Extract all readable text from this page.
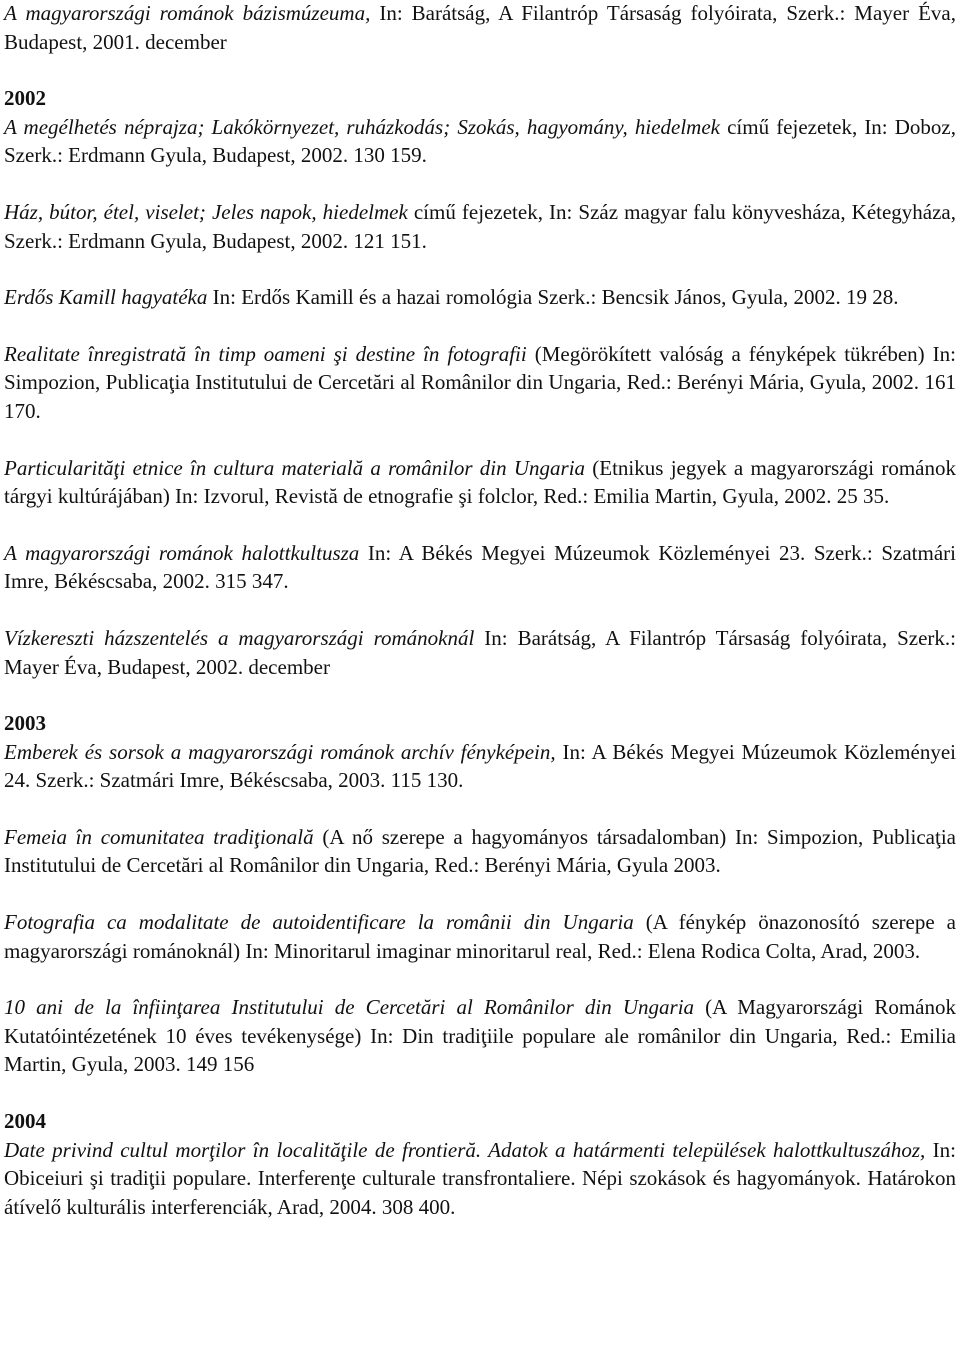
A magyarországi románok bázismúzeuma, In: Barátság, A Filantróp Társaság folyóirata, Szerk.: Mayer Éva, Budapest, 2001. december

2002

A megélhetés néprajza; Lakókörnyezet, ruházkodás; Szokás, hagyomány, hiedelmek című fejezetek, In: Doboz, Szerk.: Erdmann Gyula, Budapest, 2002. 130 159.

Ház, bútor, étel, viselet; Jeles napok, hiedelmek című fejezetek, In: Száz magyar falu könyvesháza, Kétegyháza, Szerk.: Erdmann Gyula, Budapest, 2002. 121 151.

Erdős Kamill hagyatéka In: Erdős Kamill és a hazai romológia Szerk.: Bencsik János, Gyula, 2002. 19 28.

Realitate înregistrată în timp oameni şi destine în fotografii (Megörökített valóság a fényképek tükrében) In: Simpozion, Publicaţia Institutului de Cercetări al Românilor din Ungaria, Red.: Berényi Mária, Gyula, 2002. 161 170.

Particularităţi etnice în cultura materială a românilor din Ungaria (Etnikus jegyek a magyarországi románok tárgyi kultúrájában) In: Izvorul, Revistă de etnografie şi folclor, Red.: Emilia Martin, Gyula, 2002. 25 35.

A magyarországi románok halottkultusza In: A Békés Megyei Múzeumok Közleményei 23. Szerk.: Szatmári Imre, Békéscsaba, 2002. 315 347.

Vízkereszti házszentelés a magyarországi románoknál In: Barátság, A Filantróp Társaság folyóirata, Szerk.: Mayer Éva, Budapest, 2002. december

2003

Emberek és sorsok a magyarországi románok archív fényképein, In: A Békés Megyei Múzeumok Közleményei 24. Szerk.: Szatmári Imre, Békéscsaba, 2003. 115 130.

Femeia în comunitatea tradiţională (A nő szerepe a hagyományos társadalomban) In: Simpozion, Publicaţia Institutului de Cercetări al Românilor din Ungaria, Red.: Berényi Mária, Gyula 2003.

Fotografia ca modalitate de autoidentificare la românii din Ungaria (A fénykép önazonosító szerepe a magyarországi románoknál) In: Minoritarul imaginar minoritarul real, Red.: Elena Rodica Colta, Arad, 2003.

10 ani de la înfiinţarea Institutului de Cercetări al Românilor din Ungaria (A Magyarországi Románok Kutatóintézetének 10 éves tevékenysége) In: Din tradiţiile populare ale românilor din Ungaria, Red.: Emilia Martin, Gyula, 2003. 149 156

2004

Date privind cultul morţilor în localităţile de frontieră. Adatok a határmenti települések halottkultuszához, In: Obiceiuri şi tradiţii populare. Interferenţe culturale transfrontaliere. Népi szokások és hagyományok. Határokon átívelő kulturális interferenciák, Arad, 2004. 308 400.
